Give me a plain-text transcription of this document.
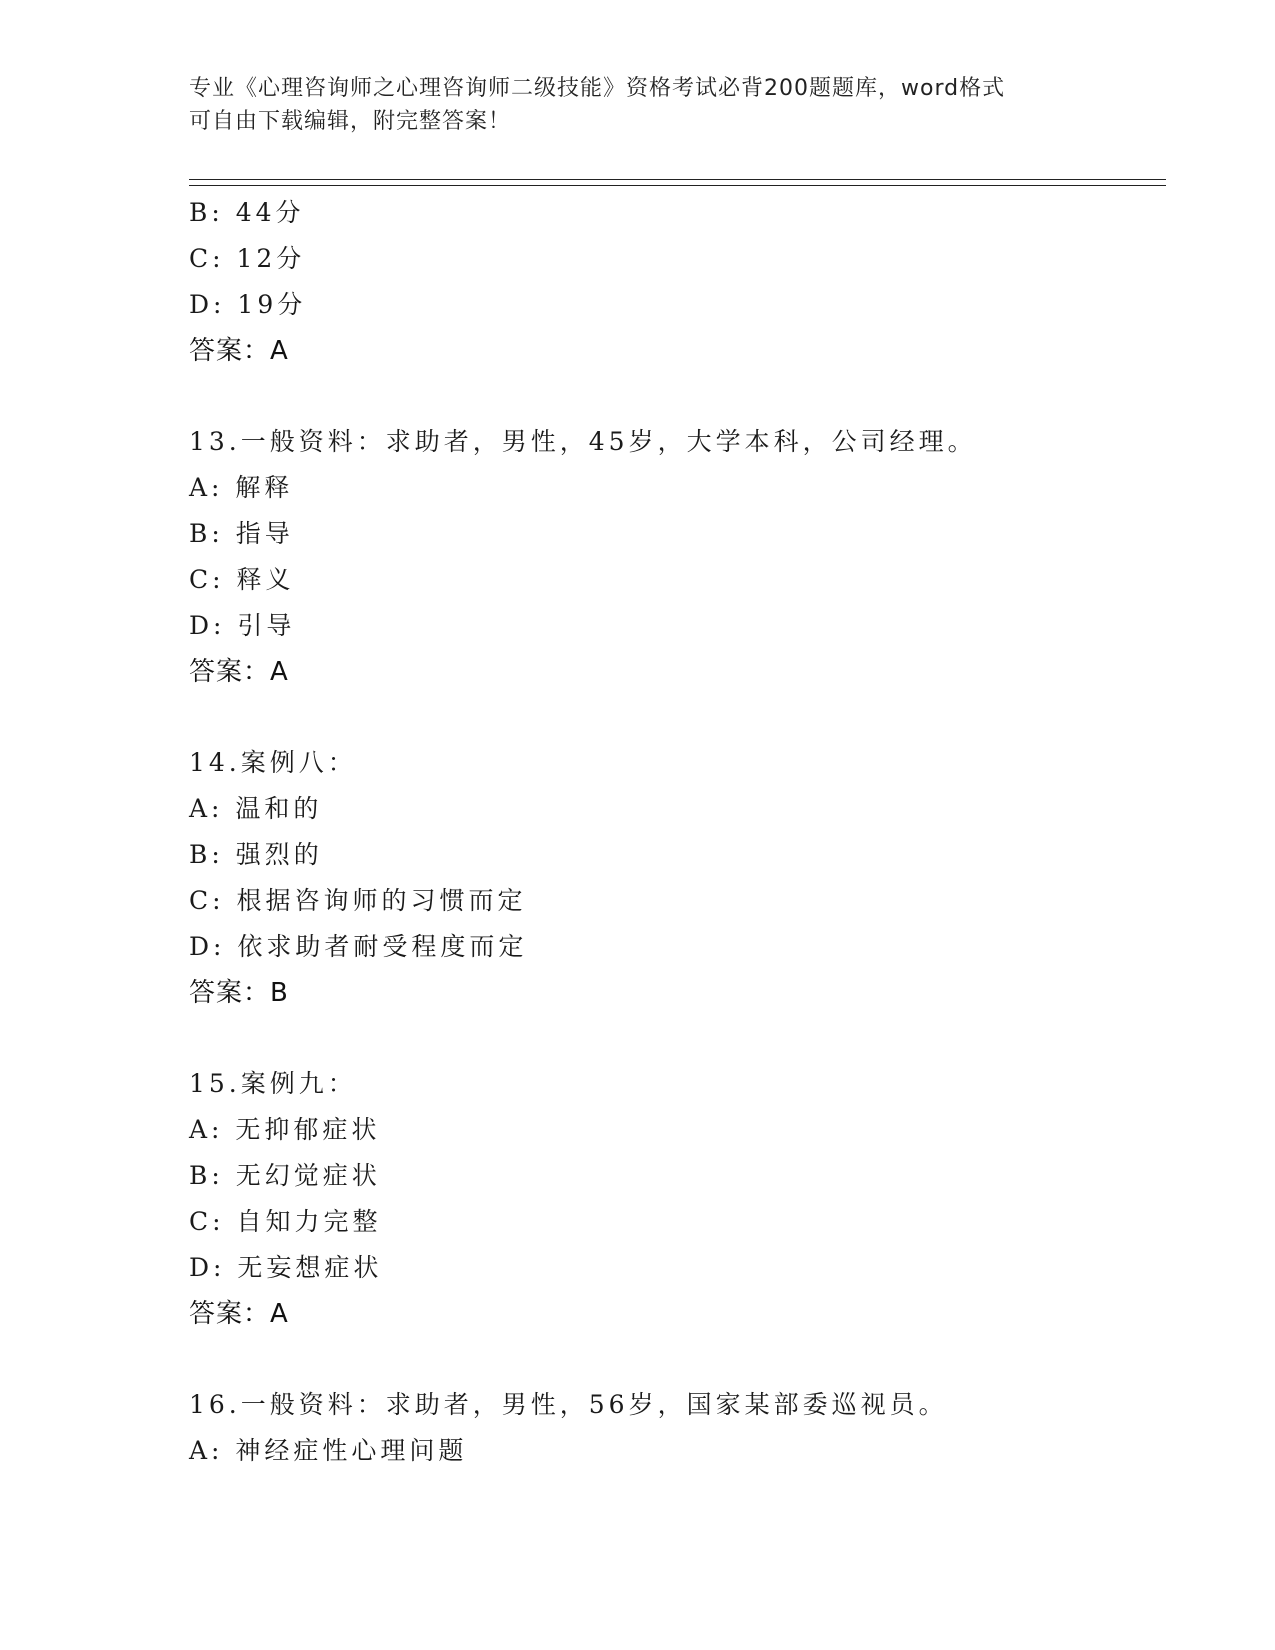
专业《心理咨询师之心理咨询师二级技能》资格考试必背200题题库，word格式
可自由下载编辑，附完整答案！
B: 44分
C: 12分
D: 19分
答案：A
13.一般资料：求助者，男性，45岁，大学本科，公司经理。
A: 解释
B: 指导
C: 释义
D: 引导
答案：A
14.案例八：
A: 温和的
B: 强烈的
C: 根据咨询师的习惯而定
D: 依求助者耐受程度而定
答案：B
15.案例九：
A: 无抑郁症状
B: 无幻觉症状
C: 自知力完整
D: 无妄想症状
答案：A
16.一般资料：求助者，男性，56岁，国家某部委巡视员。
A: 神经症性心理问题
